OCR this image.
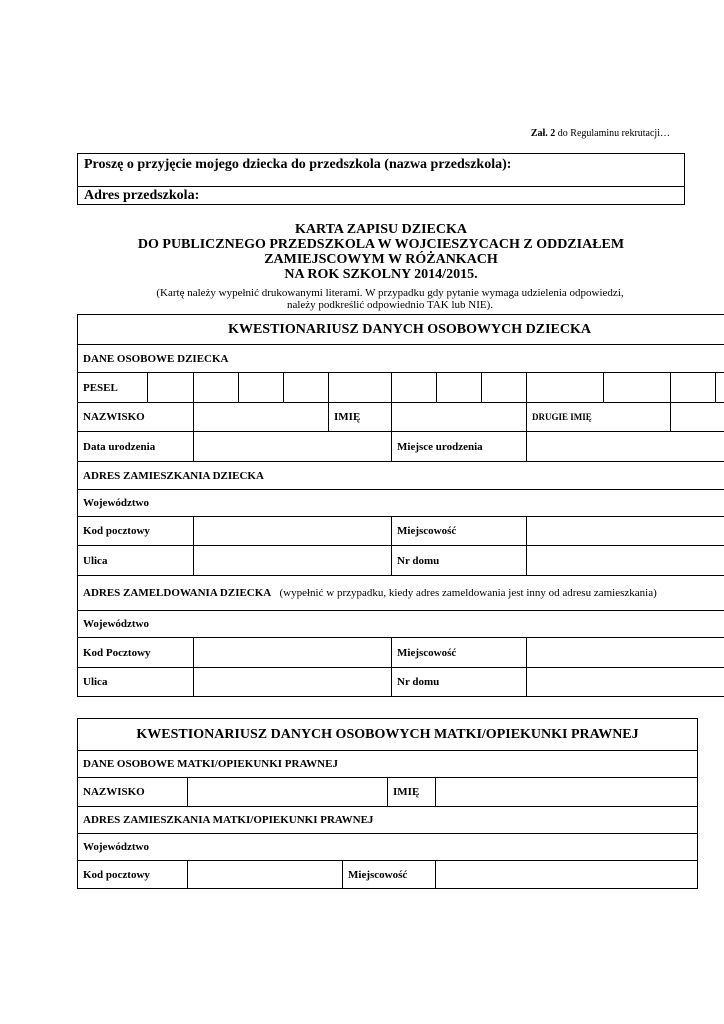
Zał. 2 do Regulaminu rekrutacji…
Proszę o przyjęcie mojego dziecka do przedszkola (nazwa przedszkola):
Adres przedszkola:
KARTA ZAPISU DZIECKA
DO PUBLICZNEGO PRZEDSZKOLA W WOJCIESZYCACH Z ODDZIAŁEM
ZAMIEJSCOWYM W RÓŻANKACH
NA ROK SZKOLNY 2014/2015.
(Kartę należy wypełnić drukowanymi literami. W przypadku gdy pytanie wymaga udzielenia odpowiedzi,
należy podkreślić odpowiednio TAK lub NIE).
KWESTIONARIUSZ DANYCH OSOBOWYCH DZIECKA												
DANE OSOBOWE DZIECKA												
PESEL												
NAZWISKO					IMIĘ				DRUGIE IMIĘ			
Data urodzenia						Miejsce urodzenia						
ADRES ZAMIESZKANIA DZIECKA												
Województwo												
Kod pocztowy						Miejscowość						
Ulica						Nr domu						
ADRES ZAMELDOWANIA DZIECKA (wypełnić w przypadku, kiedy adres zameldowania jest inny od adresu zamieszkania)												
Województwo												
Kod Pocztowy						Miejscowość						
Ulica						Nr domu						
KWESTIONARIUSZ DANYCH OSOBOWYCH MATKI/OPIEKUNKI PRAWNEJ				
DANE OSOBOWE MATKI/OPIEKUNKI PRAWNEJ				
NAZWISKO			IMIĘ	
ADRES ZAMIESZKANIA MATKI/OPIEKUNKI PRAWNEJ				
Województwo				
Kod pocztowy		Miejscowość		
